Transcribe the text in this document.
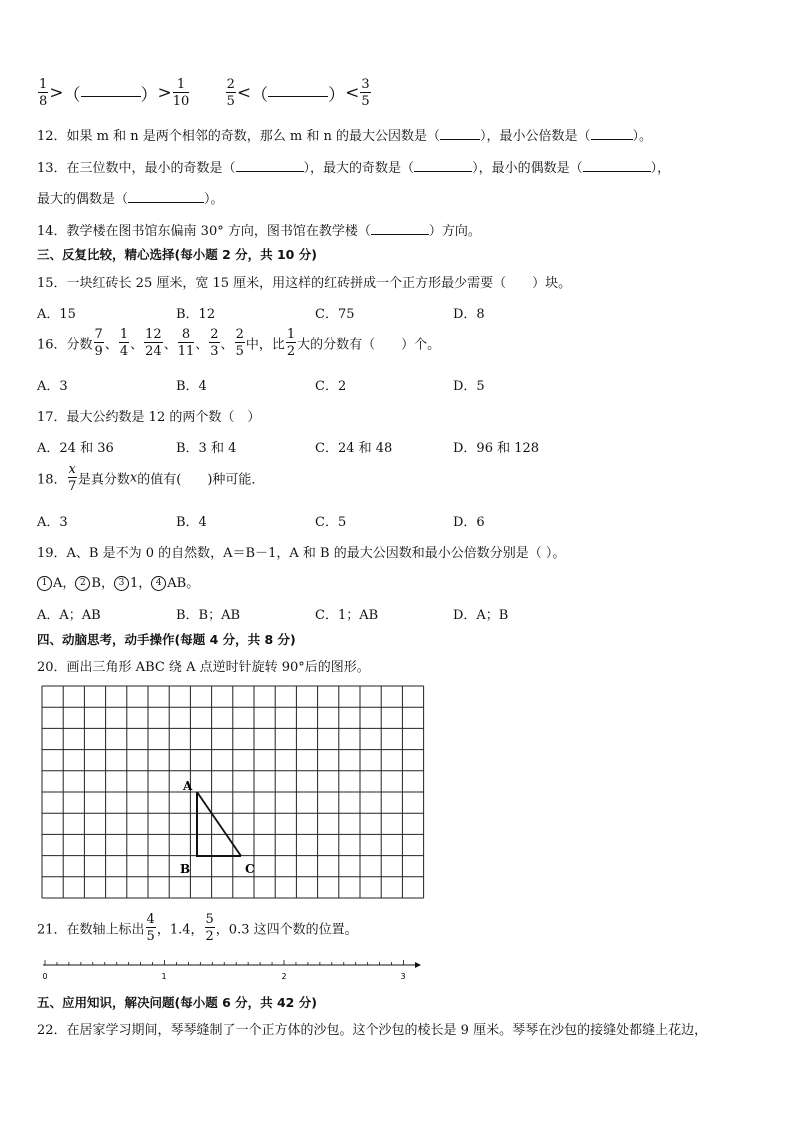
$\frac{1}{8}$ >（	）> $\frac{1}{10}$
	$\frac{2}{5}$ <（	）< $\frac{3}{5}$
12．如果 m 和 n 是两个相邻的奇数，那么 m 和 n 的最大公因数是（	），最小公倍数是（	）。
13．在三位数中，最小的奇数是（	），最大的奇数是（	），最小的偶数是（	），
最大的偶数是（	）。
14．教学楼在图书馆东偏南 30° 方向，图书馆在教学楼（	）方向。
三、反复比较，精心选择(每小题 2 分，共 10 分)
15．一块红砖长 25 厘米，宽 15 厘米，用这样的红砖拼成一个正方形最少需要（　　）块。
A．15	B．12	C．75	D．8
16．分数 $\frac{7}{9}$ 、 $\frac{1}{4}$ 、 $\frac{12}{24}$ 、 $\frac{8}{11}$ 、 $\frac{2}{3}$ 、 $\frac{2}{5}$ 中，比 $\frac{1}{2}$ 大的分数有（　　）个。
A．3	B．4	C．2	D．5
17．最大公约数是 12 的两个数（　）
A．24 和 36	B．3 和 4	C．24 和 48	D．96 和 128
18． $\frac{x}{7}$ 是真分数x的值有(　　)种可能．
A．3	B．4	C．5	D．6
19．A、B 是不为 0 的自然数，A＝B－1，A 和 B 的最大公因数和最小公倍数分别是（ ）。
1 A， 2 B， 3 1， 4 AB。
A．A；AB	B．B；AB	C．1；AB	D．A；B
四、动脑思考，动手操作(每题 4 分，共 8 分)
20．画出三角形 ABC 绕 A 点逆时针旋转 90°后的图形。
A
B	C
21．在数轴上标出 $\frac{4}{5}$ ，1.4， $\frac{5}{2}$ ，0.3 这四个数的位置。
0	1	2	3
五、应用知识，解决问题(每小题 6 分，共 42 分)
22．在居家学习期间，琴琴缝制了一个正方体的沙包。这个沙包的棱长是 9 厘米。琴琴在沙包的接缝处都缝上花边，
